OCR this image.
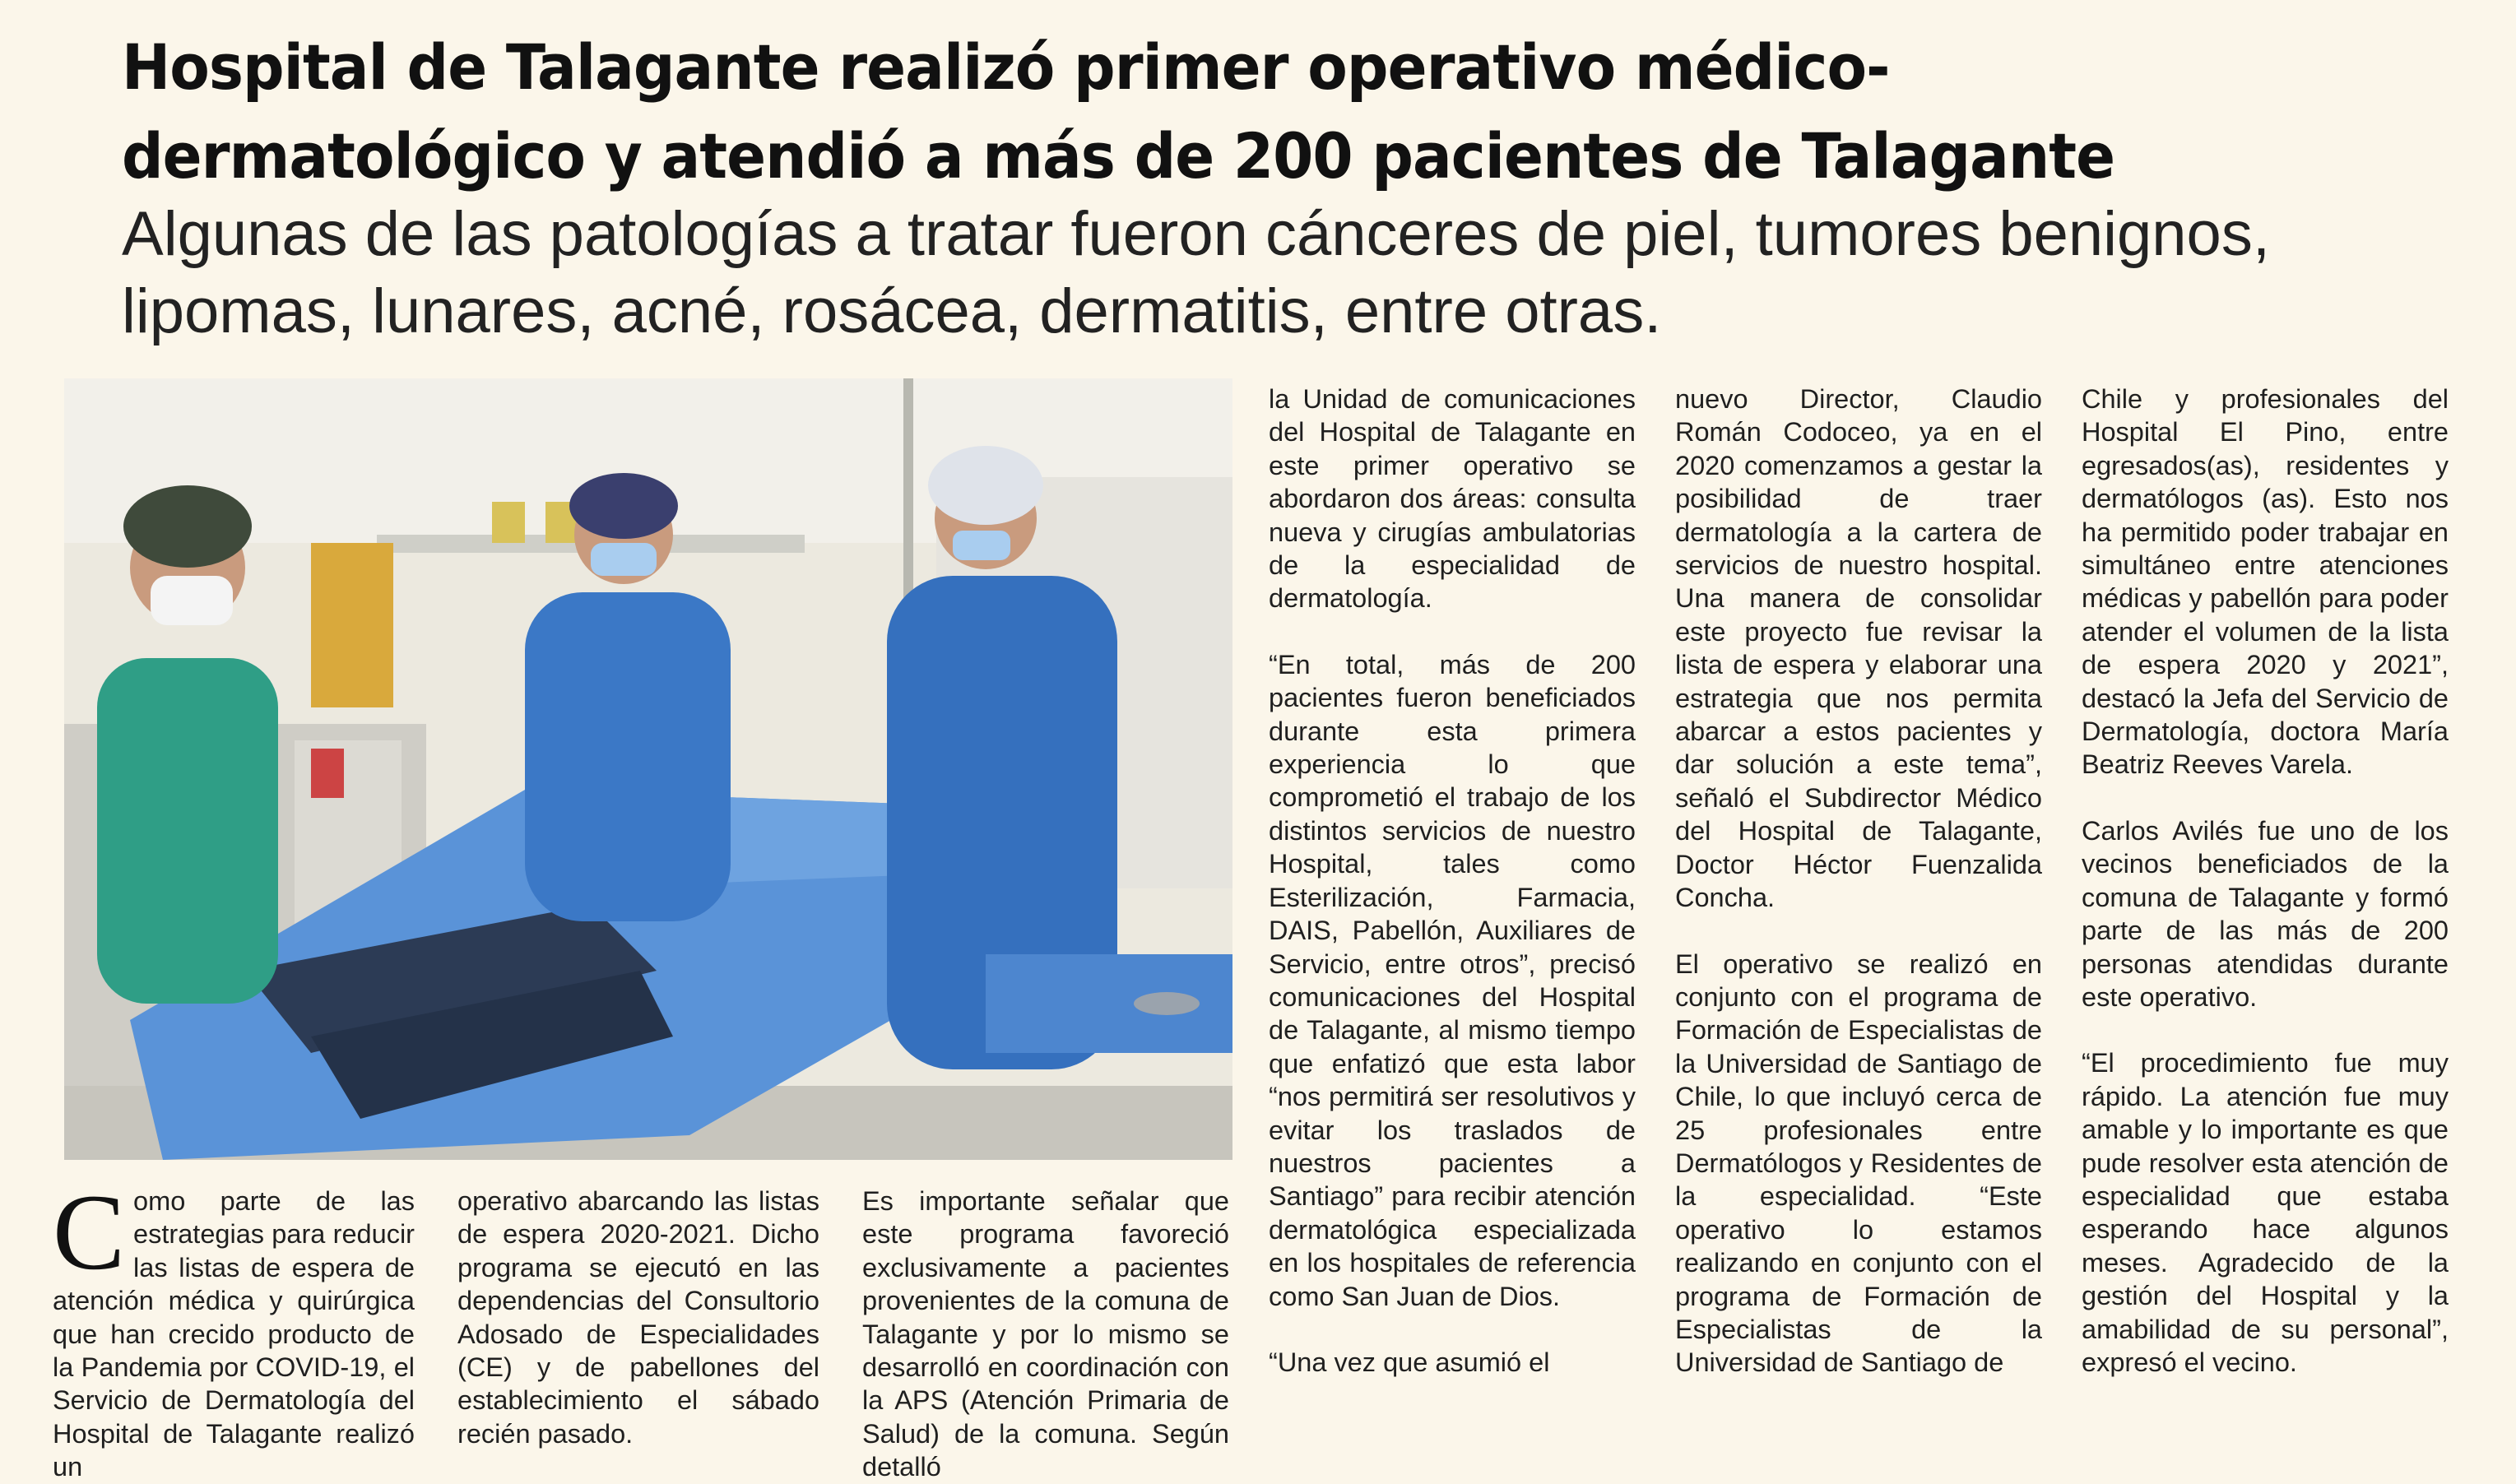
Hospital de Talagante realizó primer operativo médico-dermatológico y atendió a más de 200 pacientes de Talagante
Algunas de las patologías a tratar fueron cánceres de piel, tumores benignos, lipomas, lunares, acné, rosácea, dermatitis, entre otras.

Como parte de las estrategias para reducir las listas de espera de atención médica y quirúrgica que han crecido producto de la Pandemia por COVID-19, el Servicio de Dermatología del Hospital de Talagante realizó un

operativo abarcando las listas de espera 2020-2021. Dicho programa se ejecutó en las dependencias del Consultorio Adosado de Especialidades (CE) y de pabellones del establecimiento el sábado recién pasado.

Es importante señalar que este programa favoreció exclusivamente a pacientes provenientes de la comuna de Talagante y por lo mismo se desarrolló en coordinación con la APS (Atención Primaria de Salud) de la comuna. Según detalló

la Unidad de comunicaciones del Hospital de Talagante en este primer operativo se abordaron dos áreas: consulta nueva y cirugías ambulatorias de la especialidad de dermatología.

“En total, más de 200 pacientes fueron beneficiados durante esta primera experiencia lo que comprometió el trabajo de los distintos servicios de nuestro Hospital, tales como Esterilización, Farmacia, DAIS, Pabellón, Auxiliares de Servicio, entre otros”, precisó comunicaciones del Hospital de Talagante, al mismo tiempo que enfatizó que esta labor “nos permitirá ser resolutivos y evitar los traslados de nuestros pacientes a Santiago” para recibir atención dermatológica especializada en los hospitales de referencia como San Juan de Dios.

“Una vez que asumió el

nuevo Director, Claudio Román Codoceo, ya en el 2020 comenzamos a gestar la posibilidad de traer dermatología a la cartera de servicios de nuestro hospital. Una manera de consolidar este proyecto fue revisar la lista de espera y elaborar una estrategia que nos permita abarcar a estos pacientes y dar solución a este tema”, señaló el Subdirector Médico del Hospital de Talagante, Doctor Héctor Fuenzalida Concha.

El operativo se realizó en conjunto con el programa de Formación de Especialistas de la Universidad de Santiago de Chile, lo que incluyó cerca de 25 profesionales entre Dermatólogos y Residentes de la especialidad. “Este operativo lo estamos realizando en conjunto con el programa de Formación de Especialistas de la Universidad de Santiago de

Chile y profesionales del Hospital El Pino, entre egresados(as), residentes y dermatólogos (as). Esto nos ha permitido poder trabajar en simultáneo entre atenciones médicas y pabellón para poder atender el volumen de la lista de espera 2020 y 2021”, destacó la Jefa del Servicio de Dermatología, doctora María Beatriz Reeves Varela.

Carlos Avilés fue uno de los vecinos beneficiados de la comuna de Talagante y formó parte de las más de 200 personas atendidas durante este operativo.

“El procedimiento fue muy rápido. La atención fue muy amable y lo importante es que pude resolver esta atención de especialidad que estaba esperando hace algunos meses. Agradecido de la gestión del Hospital y la amabilidad de su personal”, expresó el vecino.
